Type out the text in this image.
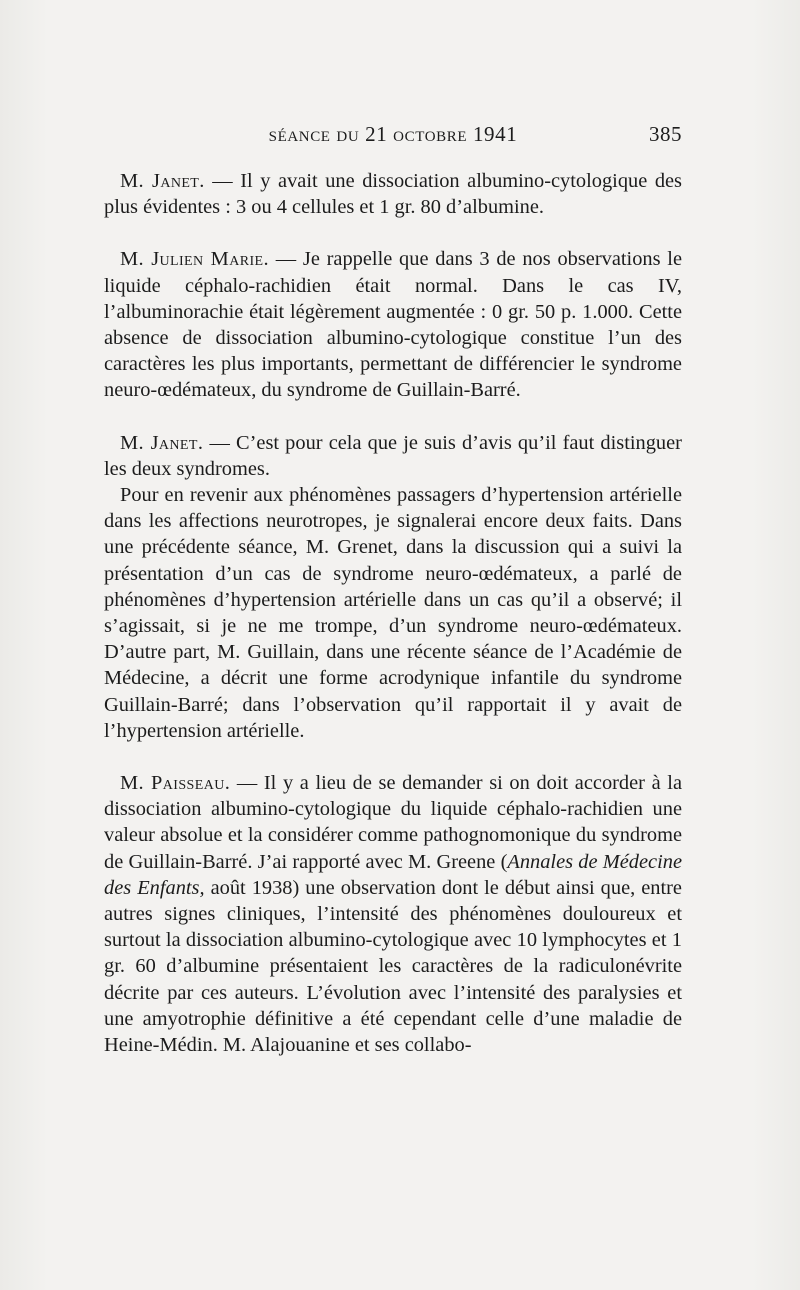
séance du 21 octobre 1941	385

M. Janet. — Il y avait une dissociation albumino-cytologique des plus évidentes : 3 ou 4 cellules et 1 gr. 80 d’albumine.

M. Julien Marie. — Je rappelle que dans 3 de nos observations le liquide céphalo-rachidien était normal. Dans le cas IV, l’albuminorachie était légèrement augmentée : 0 gr. 50 p. 1.000. Cette absence de dissociation albumino-cytologique constitue l’un des caractères les plus importants, permettant de différencier le syndrome neuro-œdémateux, du syndrome de Guillain-Barré.

M. Janet. — C’est pour cela que je suis d’avis qu’il faut distinguer les deux syndromes.

Pour en revenir aux phénomènes passagers d’hypertension artérielle dans les affections neurotropes, je signalerai encore deux faits. Dans une précédente séance, M. Grenet, dans la discussion qui a suivi la présentation d’un cas de syndrome neuro-œdémateux, a parlé de phénomènes d’hypertension artérielle dans un cas qu’il a observé; il s’agissait, si je ne me trompe, d’un syndrome neuro-œdémateux. D’autre part, M. Guillain, dans une récente séance de l’Académie de Médecine, a décrit une forme acrodynique infantile du syndrome Guillain-Barré; dans l’observation qu’il rapportait il y avait de l’hypertension artérielle.

M. Paisseau. — Il y a lieu de se demander si on doit accorder à la dissociation albumino-cytologique du liquide céphalo-rachidien une valeur absolue et la considérer comme pathognomonique du syndrome de Guillain-Barré. J’ai rapporté avec M. Greene (Annales de Médecine des Enfants, août 1938) une observation dont le début ainsi que, entre autres signes cliniques, l’intensité des phénomènes douloureux et surtout la dissociation albumino-cytologique avec 10 lymphocytes et 1 gr. 60 d’albumine présentaient les caractères de la radiculonévrite décrite par ces auteurs. L’évolution avec l’intensité des paralysies et une amyotrophie définitive a été cependant celle d’une maladie de Heine-Médin. M. Alajouanine et ses collabo-
